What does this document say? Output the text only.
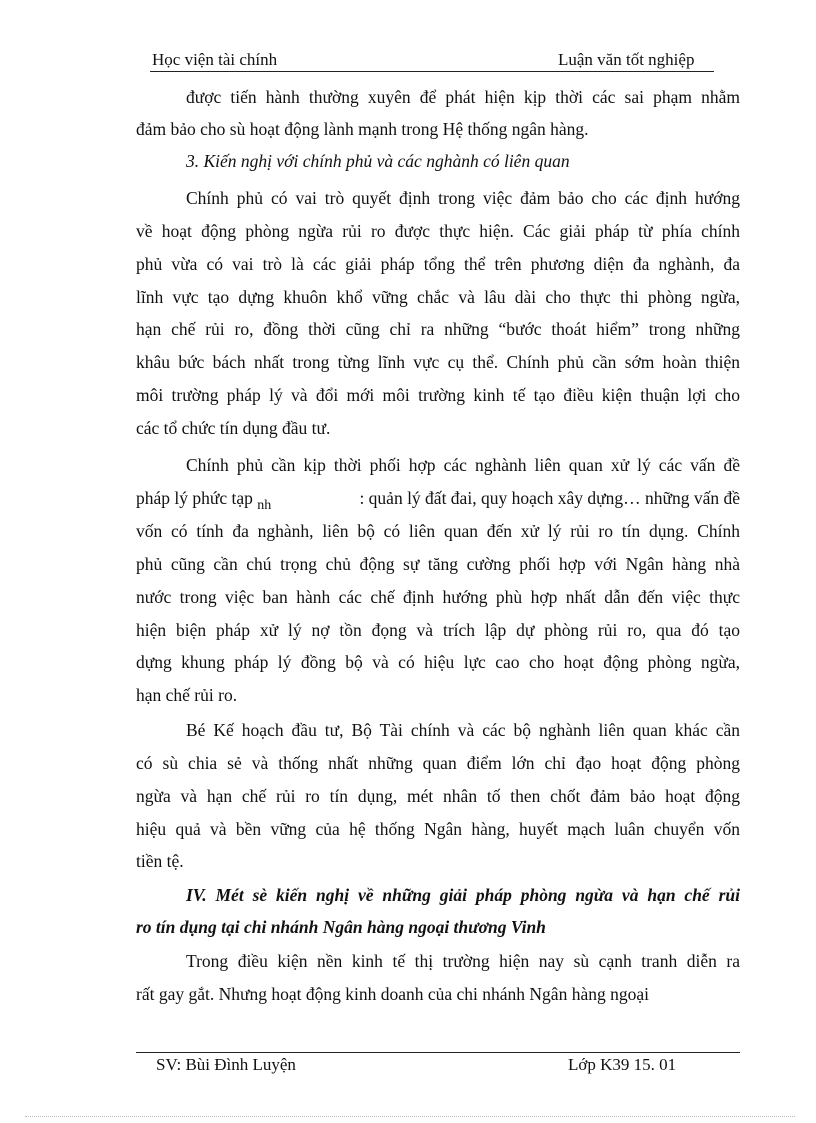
Học viện tài chính	Luận văn tốt nghiệp
được tiến hành thường xuyên để phát hiện kịp thời các sai phạm nhằm
đảm bảo cho sù hoạt động lành mạnh trong Hệ thống ngân hàng.
3. Kiến nghị với chính phủ và các nghành có liên quan
Chính phủ có vai trò quyết định trong việc đảm bảo cho các định hướng
về hoạt động phòng ngừa rủi ro được thực hiện. Các giải pháp từ phía chính
phủ vừa có vai trò là các giải pháp tổng thể trên phương diện đa nghành, đa
lĩnh vực tạo dựng khuôn khổ vững chắc và lâu dài cho thực thi phòng ngừa,
hạn chế rủi ro, đồng thời cũng chỉ ra những “bước thoát hiểm” trong những
khâu bức bách nhất trong từng lĩnh vực cụ thể. Chính phủ cần sớm hoàn thiện
môi trường pháp lý và đổi mới môi trường kinh tế tạo điều kiện thuận lợi cho
các tổ chức tín dụng đầu tư.
Chính phủ cần kịp thời phối hợp các nghành liên quan xử lý các vấn đề
pháp lý phức tạp $_{nh}$	: quản lý đất đai, quy hoạch xây dựng… những vấn đề
vốn có tính đa nghành, liên bộ có liên quan đến xử lý rủi ro tín dụng. Chính
phủ cũng cần chú trọng chủ động sự tăng cường phối hợp với Ngân hàng nhà
nước trong việc ban hành các chế định hướng phù hợp nhất dẫn đến việc thực
hiện biện pháp xử lý nợ tồn đọng và trích lập dự phòng rủi ro, qua đó tạo
dựng khung pháp lý đồng bộ và có hiệu lực cao cho hoạt động phòng ngừa,
hạn chế rủi ro.
Bé Kế hoạch đầu tư, Bộ Tài chính và các bộ nghành liên quan khác cần
có sù chia sẻ và thống nhất những quan điểm lớn chỉ đạo hoạt động phòng
ngừa và hạn chế rủi ro tín dụng, mét nhân tố then chốt đảm bảo hoạt động
hiệu quả và bền vững của hệ thống Ngân hàng, huyết mạch luân chuyển vốn
tiền tệ.
IV. Mét sè kiến nghị về những giải pháp phòng ngừa và hạn chế rủi
ro tín dụng tại chi nhánh Ngân hàng ngoại thương Vinh
Trong điều kiện nền kinh tế thị trường hiện nay sù cạnh tranh diễn ra
rất gay gắt. Nhưng hoạt động kinh doanh của chi nhánh Ngân hàng ngoại
SV: Bùi Đình Luyện	Lớp K39 15. 01
